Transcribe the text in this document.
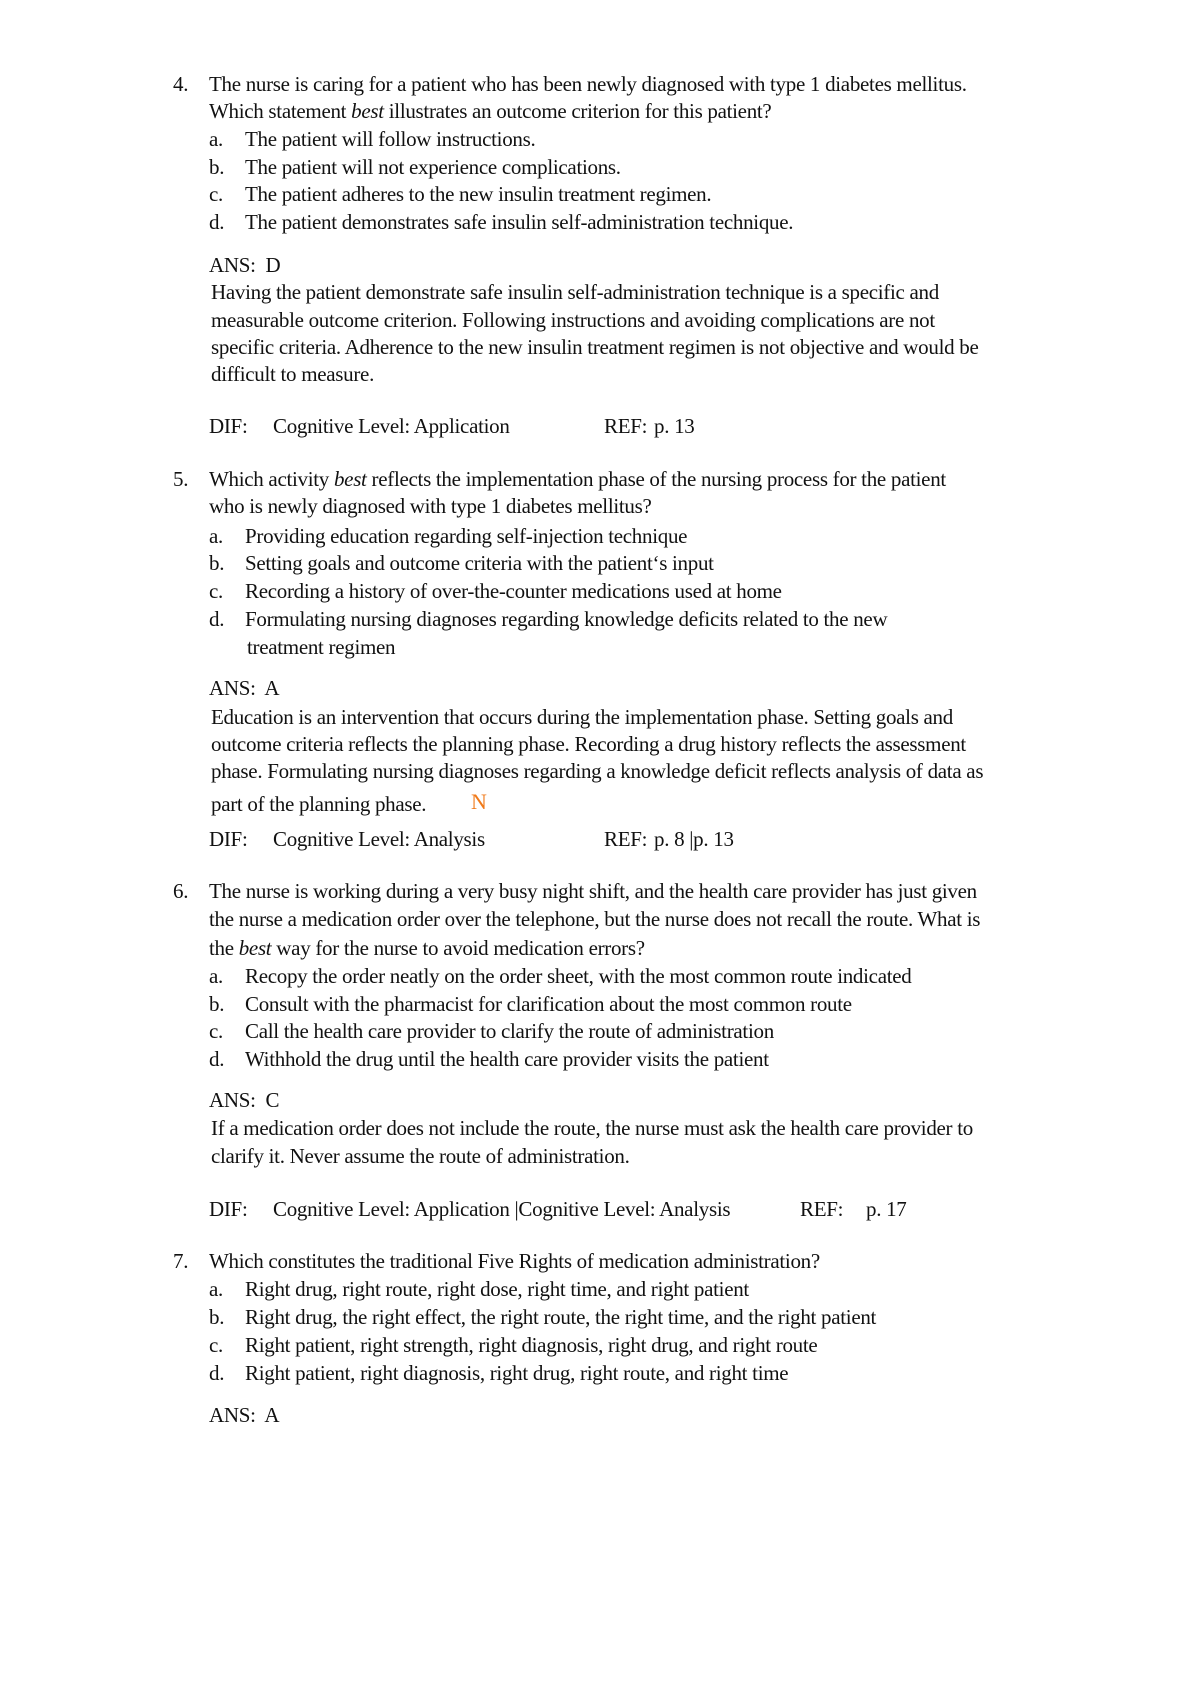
4. The nurse is caring for a patient who has been newly diagnosed with type 1 diabetes mellitus.
Which statement best illustrates an outcome criterion for this patient?
a. The patient will follow instructions.
b. The patient will not experience complications.
c. The patient adheres to the new insulin treatment regimen.
d. The patient demonstrates safe insulin self-administration technique.
ANS:  D
Having the patient demonstrate safe insulin self-administration technique is a specific and
measurable outcome criterion. Following instructions and avoiding complications are not
specific criteria. Adherence to the new insulin treatment regimen is not objective and would be
difficult to measure.
DIF: Cognitive Level: Application	REF: p. 13
5. Which activity best reflects the implementation phase of the nursing process for the patient
who is newly diagnosed with type 1 diabetes mellitus?
a. Providing education regarding self-injection technique
b. Setting goals and outcome criteria with the patient‘s input
c. Recording a history of over-the-counter medications used at home
d. Formulating nursing diagnoses regarding knowledge deficits related to the new
treatment regimen
ANS:  A
Education is an intervention that occurs during the implementation phase. Setting goals and
outcome criteria reflects the planning phase. Recording a drug history reflects the assessment
phase. Formulating nursing diagnoses regarding a knowledge deficit reflects analysis of data as
part of the planning phase. N
DIF: Cognitive Level: Analysis	REF: p. 8 |p. 13
6. The nurse is working during a very busy night shift, and the health care provider has just given
the nurse a medication order over the telephone, but the nurse does not recall the route. What is
the best way for the nurse to avoid medication errors?
a. Recopy the order neatly on the order sheet, with the most common route indicated
b. Consult with the pharmacist for clarification about the most common route
c. Call the health care provider to clarify the route of administration
d. Withhold the drug until the health care provider visits the patient
ANS:  C
If a medication order does not include the route, the nurse must ask the health care provider to
clarify it. Never assume the route of administration.
DIF: Cognitive Level: Application |Cognitive Level: Analysis	REF: p. 17
7. Which constitutes the traditional Five Rights of medication administration?
a. Right drug, right route, right dose, right time, and right patient
b. Right drug, the right effect, the right route, the right time, and the right patient
c. Right patient, right strength, right diagnosis, right drug, and right route
d. Right patient, right diagnosis, right drug, right route, and right time
ANS:  A
